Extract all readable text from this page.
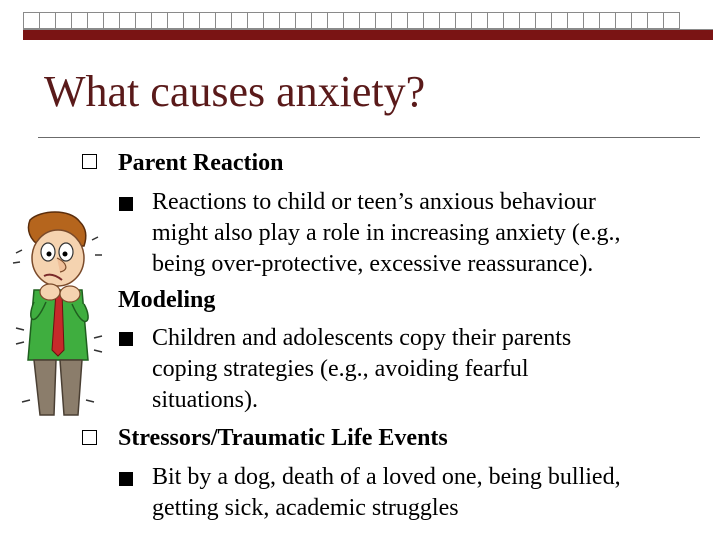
What causes anxiety?
Parent Reaction
Reactions to child or teen’s anxious behaviour
might also play a role in increasing anxiety (e.g.,
being over-protective, excessive reassurance).
Modeling
Children and adolescents copy their parents
coping strategies (e.g., avoiding fearful
situations).
Stressors/Traumatic Life Events
Bit by a dog, death of a loved one, being bullied,
getting sick, academic struggles
